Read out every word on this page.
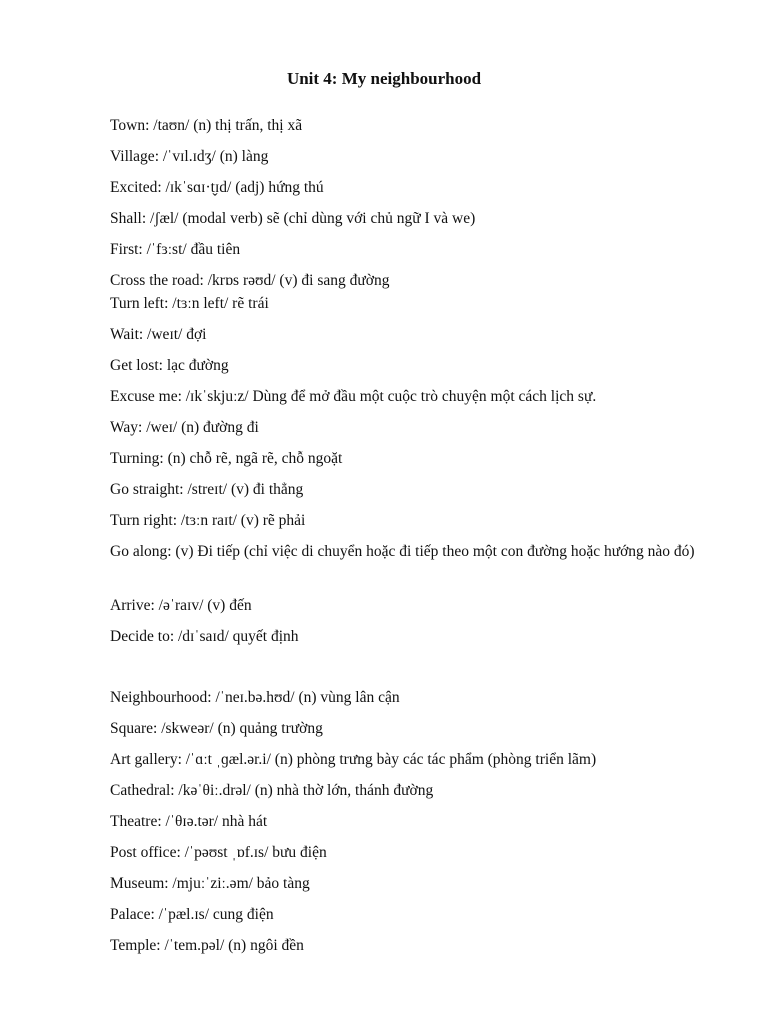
Unit 4: My neighbourhood
Town: /taʊn/ (n) thị trấn, thị xã
Village: /ˈvɪl.ɪdʒ/ (n) làng
Excited: /ɪkˈsɑɪ·t̬ɪd/ (adj) hứng thú
Shall: /ʃæl/ (modal verb) sẽ (chỉ dùng với chủ ngữ I và we)
First: /ˈfɜːst/ đầu tiên
Cross the road: /krɒs rəʊd/ (v) đi sang đường
Turn left: /tɜːn left/ rẽ trái
Wait: /weɪt/ đợi
Get lost: lạc đường
Excuse me: /ɪkˈskjuːz/ Dùng để mở đầu một cuộc trò chuyện một cách lịch sự.
Way: /weɪ/ (n) đường đi
Turning: (n) chỗ rẽ, ngã rẽ, chỗ ngoặt
Go straight: /streɪt/ (v) đi thẳng
Turn right: /tɜːn raɪt/ (v) rẽ phải
Go along: (v) Đi tiếp (chỉ việc di chuyển hoặc đi tiếp theo một con đường hoặc hướng nào đó)
Arrive: /əˈraɪv/ (v) đến
Decide to: /dɪˈsaɪd/ quyết định
Neighbourhood: /ˈneɪ.bə.hʊd/ (n) vùng lân cận
Square: /skweər/ (n) quảng trường
Art gallery: /ˈɑːt ˌɡæl.ər.i/ (n) phòng trưng bày các tác phẩm (phòng triển lãm)
Cathedral: /kəˈθiː.drəl/ (n) nhà thờ lớn, thánh đường
Theatre: /ˈθɪə.tər/ nhà hát
Post office: /ˈpəʊst ˌɒf.ɪs/ bưu điện
Museum: /mjuːˈziː.əm/ bảo tàng
Palace: /ˈpæl.ɪs/ cung điện
Temple: /ˈtem.pəl/ (n) ngôi đền
